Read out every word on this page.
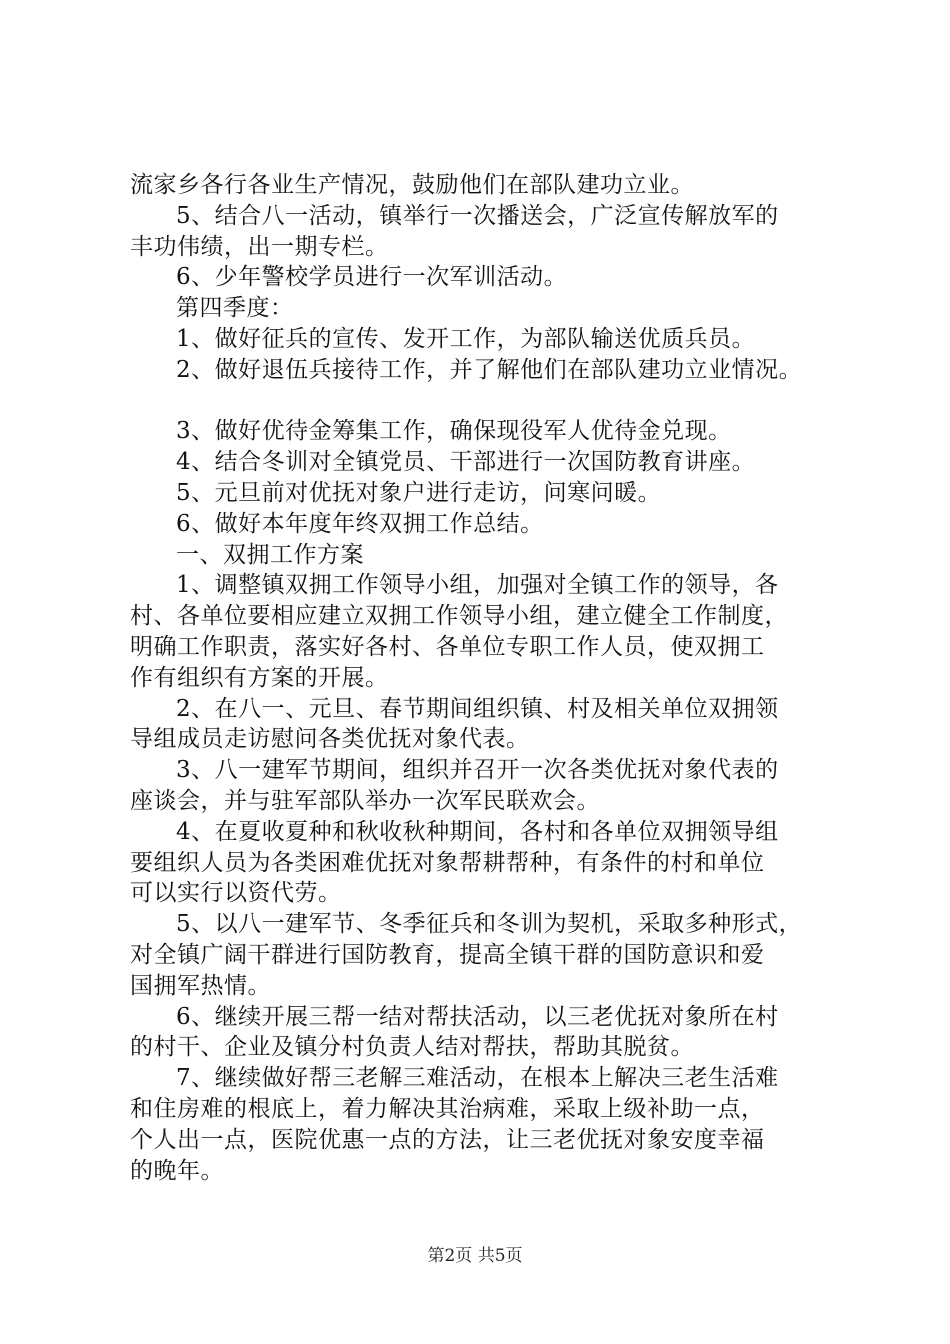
流家乡各行各业生产情况，鼓励他们在部队建功立业。
5、结合八一活动，镇举行一次播送会，广泛宣传解放军的
丰功伟绩，出一期专栏。
6、少年警校学员进行一次军训活动。
第四季度：
1、做好征兵的宣传、发开工作，为部队输送优质兵员。
2、做好退伍兵接待工作，并了解他们在部队建功立业情况。
3、做好优待金筹集工作，确保现役军人优待金兑现。
4、结合冬训对全镇党员、干部进行一次国防教育讲座。
5、元旦前对优抚对象户进行走访，问寒问暖。
6、做好本年度年终双拥工作总结。
一、双拥工作方案
1、调整镇双拥工作领导小组，加强对全镇工作的领导，各
村、各单位要相应建立双拥工作领导小组，建立健全工作制度，
明确工作职责，落实好各村、各单位专职工作人员，使双拥工
作有组织有方案的开展。
2、在八一、元旦、春节期间组织镇、村及相关单位双拥领
导组成员走访慰问各类优抚对象代表。
3、八一建军节期间，组织并召开一次各类优抚对象代表的
座谈会，并与驻军部队举办一次军民联欢会。
4、在夏收夏种和秋收秋种期间，各村和各单位双拥领导组
要组织人员为各类困难优抚对象帮耕帮种，有条件的村和单位
可以实行以资代劳。
5、以八一建军节、冬季征兵和冬训为契机，采取多种形式，
对全镇广阔干群进行国防教育，提高全镇干群的国防意识和爱
国拥军热情。
6、继续开展三帮一结对帮扶活动，以三老优抚对象所在村
的村干、企业及镇分村负责人结对帮扶，帮助其脱贫。
7、继续做好帮三老解三难活动，在根本上解决三老生活难
和住房难的根底上，着力解决其治病难，采取上级补助一点，
个人出一点，医院优惠一点的方法，让三老优抚对象安度幸福
的晚年。
第2页 共5页
